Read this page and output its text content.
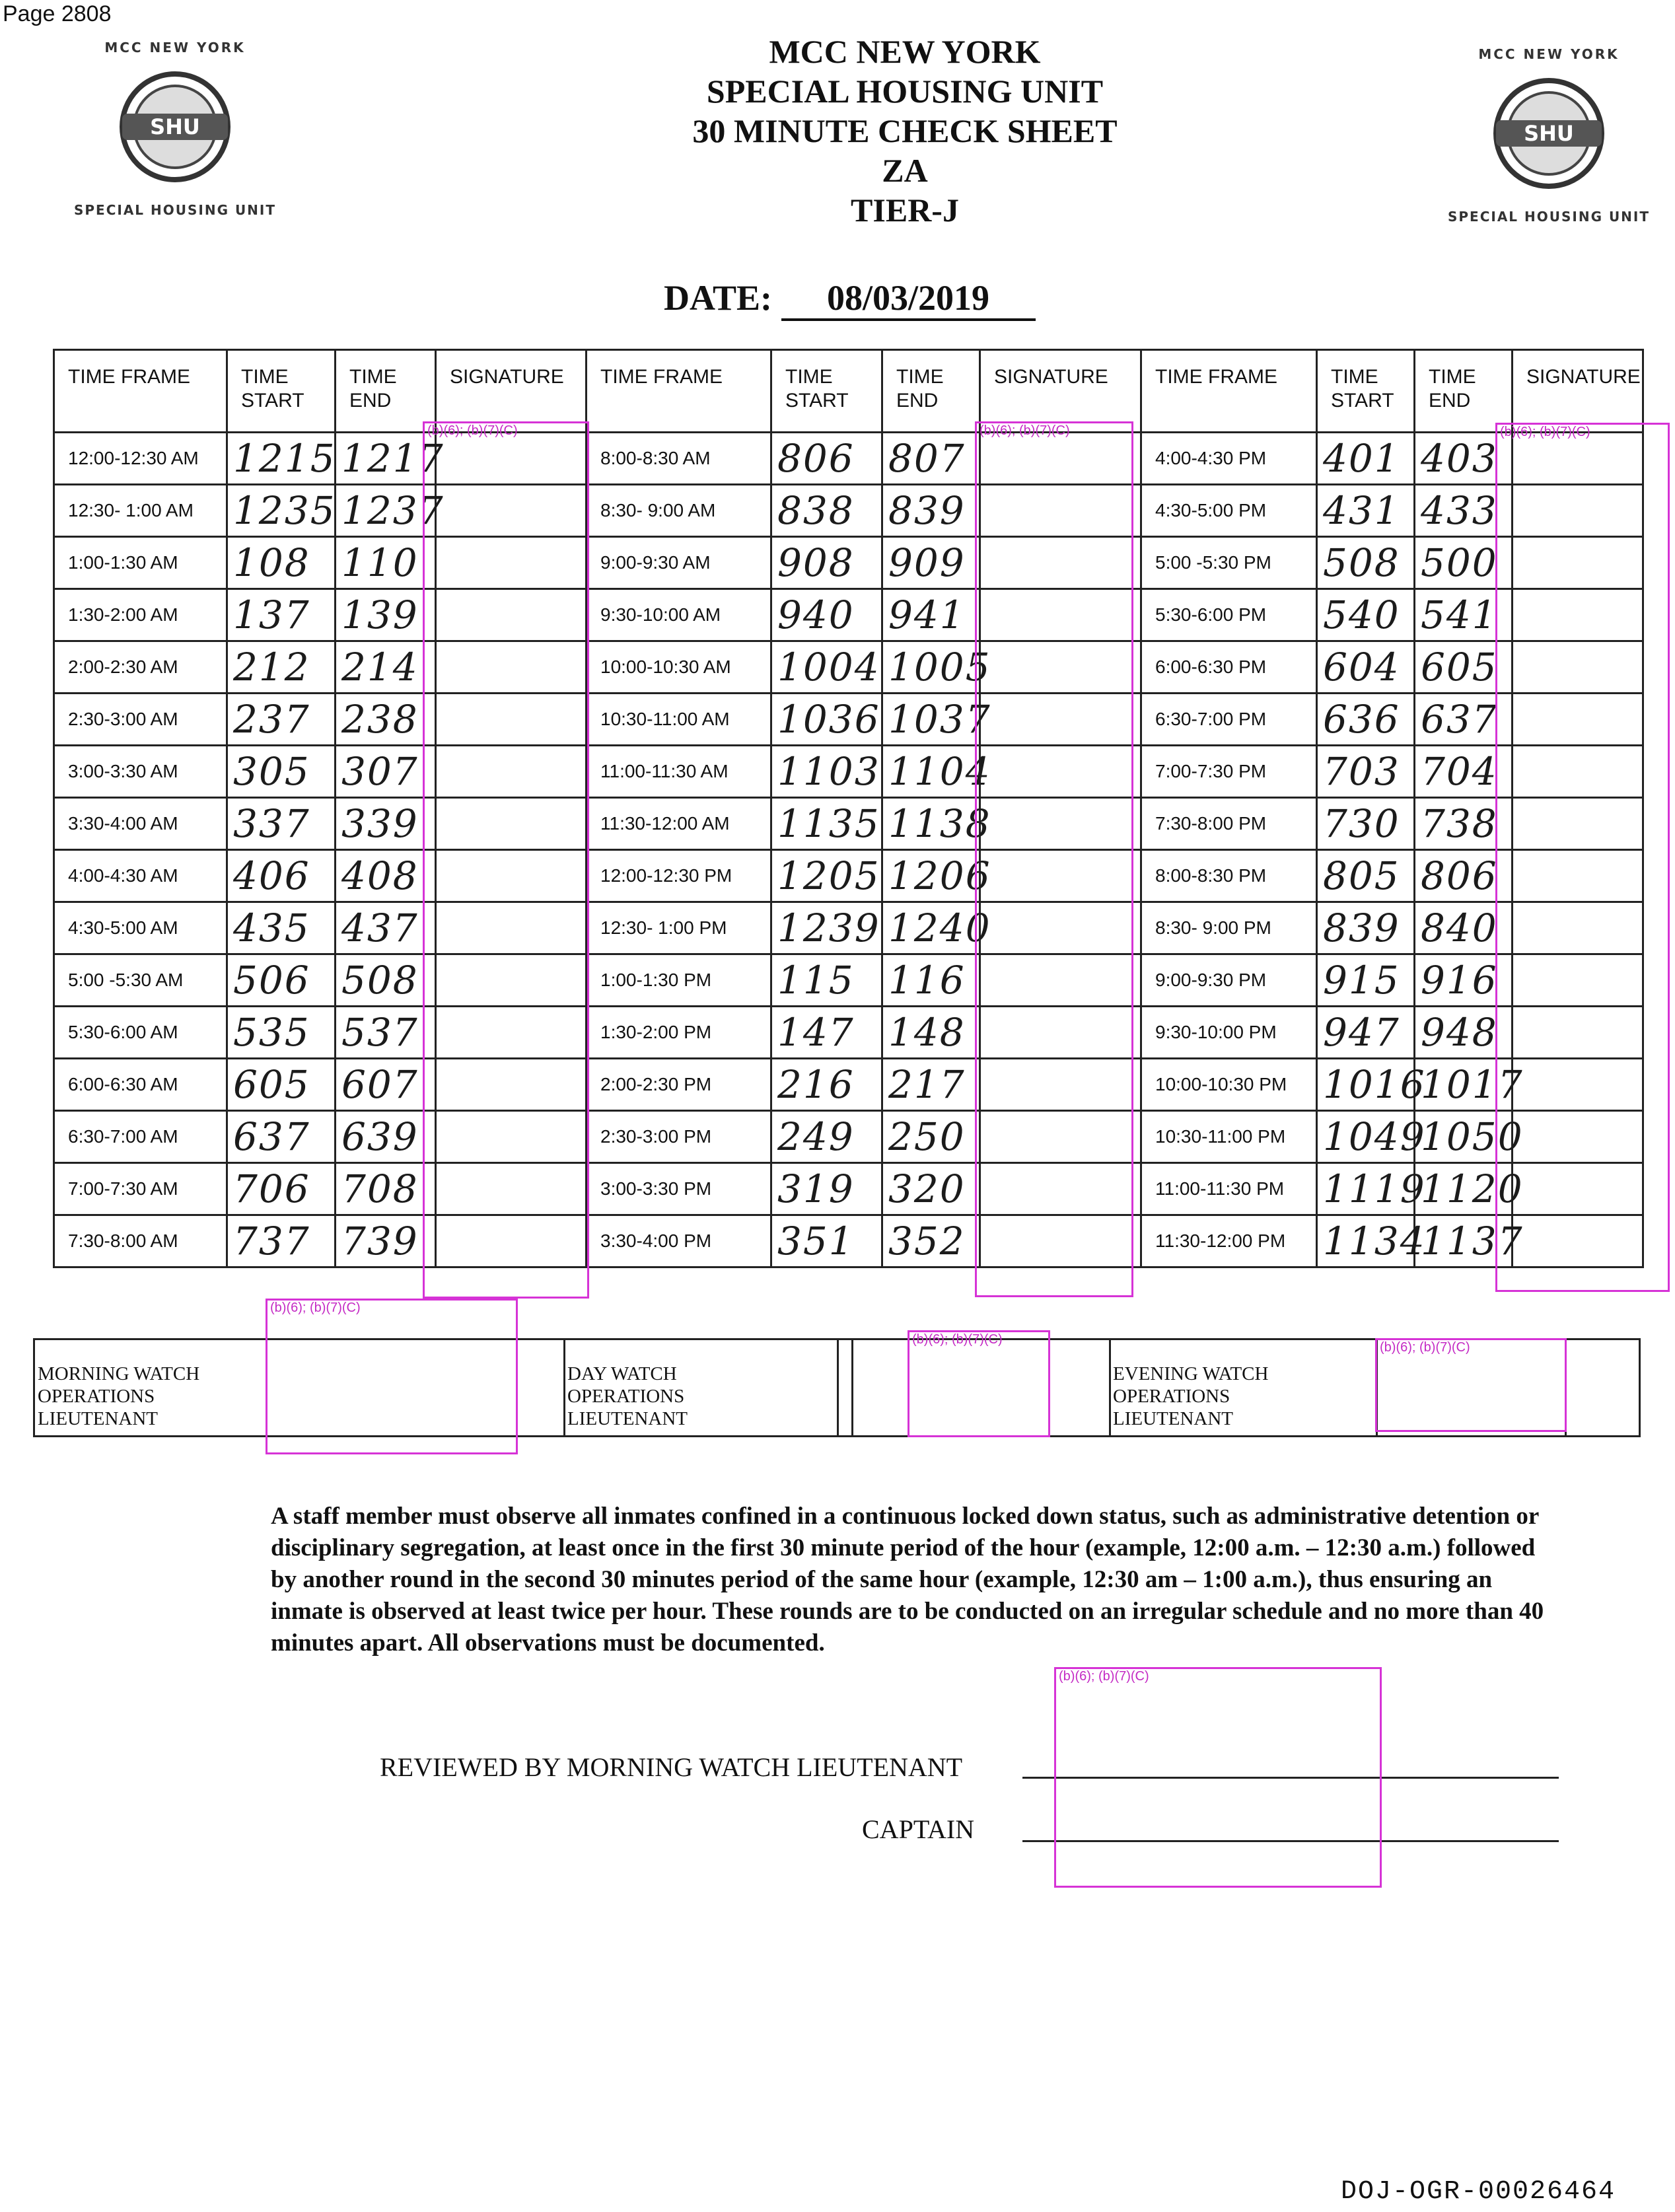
Page 2808
MCC NEW YORK
SHU
SPECIAL HOUSING UNIT
MCC NEW YORK
SHU
SPECIAL HOUSING UNIT
MCC NEW YORK
SPECIAL HOUSING UNIT
30 MINUTE CHECK SHEET
ZA
TIER-J
DATE: 08/03/2019
TIME FRAME	TIME START	TIME END	SIGNATURE	TIME FRAME	TIME START	TIME END	SIGNATURE	TIME FRAME	TIME START	TIME END	SIGNATURE
12:00-12:30 AM	1215	1217		8:00-8:30 AM	806	807		4:00-4:30 PM	401	403	
12:30- 1:00 AM	1235	1237		8:30- 9:00 AM	838	839		4:30-5:00 PM	431	433	
1:00-1:30 AM	108	110		9:00-9:30 AM	908	909		5:00 -5:30 PM	508	500	
1:30-2:00 AM	137	139		9:30-10:00 AM	940	941		5:30-6:00 PM	540	541	
2:00-2:30 AM	212	214		10:00-10:30 AM	1004	1005		6:00-6:30 PM	604	605	
2:30-3:00 AM	237	238		10:30-11:00 AM	1036	1037		6:30-7:00 PM	636	637	
3:00-3:30 AM	305	307		11:00-11:30 AM	1103	1104		7:00-7:30 PM	703	704	
3:30-4:00 AM	337	339		11:30-12:00 AM	1135	1138		7:30-8:00 PM	730	738	
4:00-4:30 AM	406	408		12:00-12:30 PM	1205	1206		8:00-8:30 PM	805	806	
4:30-5:00 AM	435	437		12:30- 1:00 PM	1239	1240		8:30- 9:00 PM	839	840	
5:00 -5:30 AM	506	508		1:00-1:30 PM	115	116		9:00-9:30 PM	915	916	
5:30-6:00 AM	535	537		1:30-2:00 PM	147	148		9:30-10:00 PM	947	948	
6:00-6:30 AM	605	607		2:00-2:30 PM	216	217		10:00-10:30 PM	1016	1017	
6:30-7:00 AM	637	639		2:30-3:00 PM	249	250		10:30-11:00 PM	1049	1050	
7:00-7:30 AM	706	708		3:00-3:30 PM	319	320		11:00-11:30 PM	1119	1120	
7:30-8:00 AM	737	739		3:30-4:00 PM	351	352		11:30-12:00 PM	1134	1137	
(b)(6); (b)(7)(C)	(b)(6); (b)(7)(C)	(b)(6); (b)(7)(C)
MORNING WATCH
OPERATIONS
LIEUTENANT
DAY WATCH
OPERATIONS
LIEUTENANT
EVENING WATCH
OPERATIONS
LIEUTENANT
(b)(6); (b)(7)(C)
(b)(6); (b)(7)(C)
(b)(6); (b)(7)(C)
A staff member must observe all inmates confined in a continuous locked down status, such as administrative detention or disciplinary segregation, at least once in the first 30 minute period of the hour (example, 12:00 a.m. – 12:30 a.m.) followed by another round in the second 30 minutes period of the same hour (example, 12:30 am – 1:00 a.m.), thus ensuring an inmate is observed at least twice per hour. These rounds are to be conducted on an irregular schedule and no more than 40 minutes apart. All observations must be documented.
REVIEWED BY MORNING WATCH LIEUTENANT
CAPTAIN
(b)(6); (b)(7)(C)
DOJ-OGR-00026464
